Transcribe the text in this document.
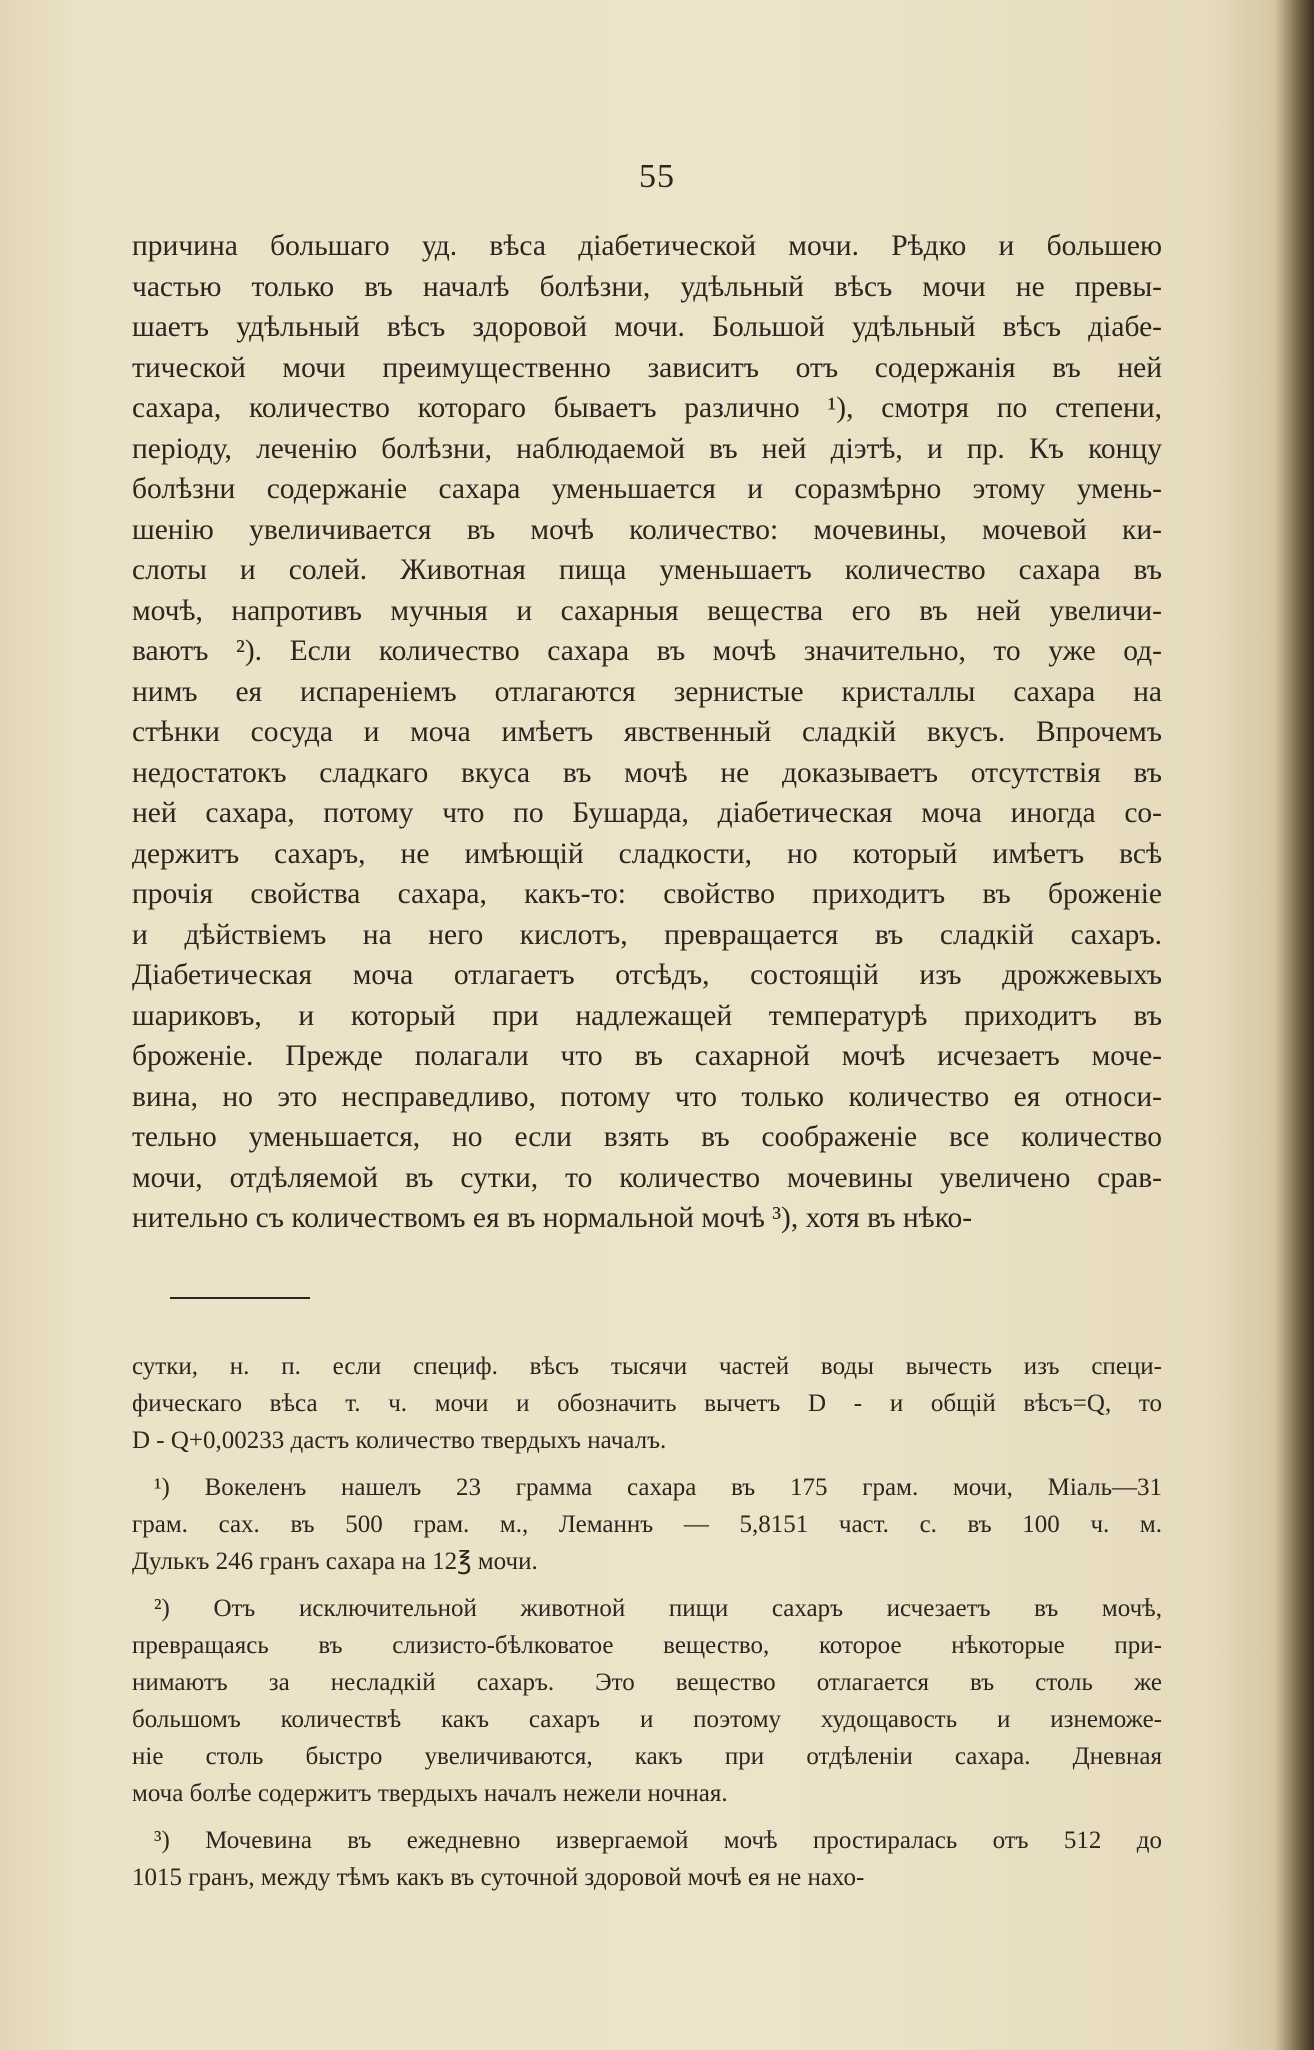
55
причина большаго уд. вѣса діабетической мочи. Рѣдко и большею
частью только въ началѣ болѣзни, удѣльный вѣсъ мочи не превы-
шаетъ удѣльный вѣсъ здоровой мочи. Большой удѣльный вѣсъ діабе-
тической мочи преимущественно зависитъ отъ содержанія въ ней
сахара, количество котораго бываетъ различно ¹), смотря по степени,
періоду, леченію болѣзни, наблюдаемой въ ней діэтѣ, и пр. Къ концу
болѣзни содержаніе сахара уменьшается и соразмѣрно этому умень-
шенію увеличивается въ мочѣ количество: мочевины, мочевой ки-
слоты и солей. Животная пища уменьшаетъ количество сахара въ
мочѣ, напротивъ мучныя и сахарныя вещества его въ ней увеличи-
ваютъ ²). Если количество сахара въ мочѣ значительно, то уже од-
нимъ ея испареніемъ отлагаются зернистые кристаллы сахара на
стѣнки сосуда и моча имѣетъ явственный сладкій вкусъ. Впрочемъ
недостатокъ сладкаго вкуса въ мочѣ не доказываетъ отсутствія въ
ней сахара, потому что по Бушарда, діабетическая моча иногда со-
держитъ сахаръ, не имѣющій сладкости, но который имѣетъ всѣ
прочія свойства сахара, какъ-то: свойство приходитъ въ броженіе
и дѣйствіемъ на него кислотъ, превращается въ сладкій сахаръ.
Діабетическая моча отлагаетъ отсѣдъ, состоящій изъ дрожжевыхъ
шариковъ, и который при надлежащей температурѣ приходитъ въ
броженіе. Прежде полагали что въ сахарной мочѣ исчезаетъ моче-
вина, но это несправедливо, потому что только количество ея относи-
тельно уменьшается, но если взять въ соображеніе все количество
мочи, отдѣляемой въ сутки, то количество мочевины увеличено срав-
нительно съ количествомъ ея въ нормальной мочѣ ³), хотя въ нѣко-
сутки, н. п. если специф. вѣсъ тысячи частей воды вычесть изъ специ-
фическаго вѣса т. ч. мочи и обозначить вычетъ D - и общій вѣсъ=Q, то
D - Q+0,00233 дастъ количество твердыхъ началъ.
¹) Вокеленъ нашелъ 23 грамма сахара въ 175 грам. мочи, Міаль—31
грам. сах. въ 500 грам. м., Леманнъ — 5,8151 част. с. въ 100 ч. м.
Дулькъ 246 гранъ сахара на 12℥ мочи.
²) Отъ исключительной животной пищи сахаръ исчезаетъ въ мочѣ,
превращаясь въ слизисто-бѣлковатое вещество, которое нѣкоторые при-
нимаютъ за несладкій сахаръ. Это вещество отлагается въ столь же
большомъ количествѣ какъ сахаръ и поэтому худощавость и изнеможе-
ніе столь быстро увеличиваются, какъ при отдѣленіи сахара. Дневная
моча болѣе содержитъ твердыхъ началъ нежели ночная.
³) Мочевина въ ежедневно извергаемой мочѣ простиралась отъ 512 до
1015 гранъ, между тѣмъ какъ въ суточной здоровой мочѣ ея не нахо-
